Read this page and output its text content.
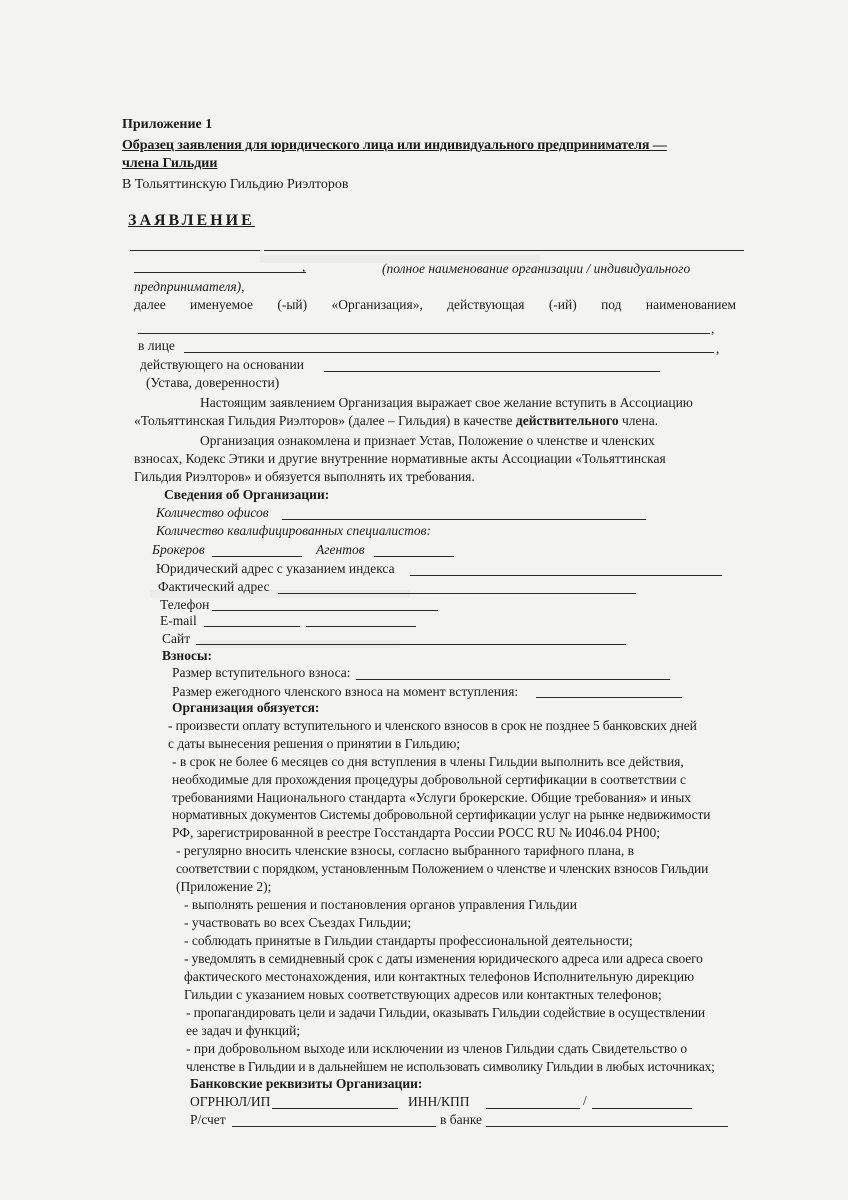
Приложение 1
Образец заявления для юридического лица или индивидуального предпринимателя —
члена Гильдии
В Тольяттинскую Гильдию Риэлторов
ЗАЯВЛЕНИЕ
,	(полное наименование организации / индивидуального
предпринимателя),
далее именуемое (-ый) «Организация», действующая (-ий) под наименованием
,
в лице	,
действующего на основании
(Устава, доверенности)
Настоящим заявлением Организация выражает свое желание вступить в Ассоциацию
«Тольяттинская Гильдия Риэлторов» (далее – Гильдия) в качестве действительного члена.
Организация ознакомлена и признает Устав, Положение о членстве и членских
взносах, Кодекс Этики и другие внутренние нормативные акты Ассоциации «Тольяттинская
Гильдия Риэлторов» и обязуется выполнять их требования.
Сведения об Организации:
Количество офисов
Количество квалифицированных специалистов:
Брокеров	Агентов
Юридический адрес с указанием индекса
Фактический адрес
Телефон
E-mail
Сайт
Взносы:
Размер вступительного взноса:
Размер ежегодного членского взноса на момент вступления:
Организация обязуется:
- произвести оплату вступительного и членского взносов в срок не позднее 5 банковских дней
с даты вынесения решения о принятии в Гильдию;
- в срок не более 6 месяцев со дня вступления в члены Гильдии выполнить все действия,
необходимые для прохождения процедуры добровольной сертификации в соответствии с
требованиями Национального стандарта «Услуги брокерские. Общие требования» и иных
нормативных документов Системы добровольной сертификации услуг на рынке недвижимости
РФ, зарегистрированной в реестре Госстандарта России РОСС RU № И046.04 РН00;
- регулярно вносить членские взносы, согласно выбранного тарифного плана, в
соответствии с порядком, установленным Положением о членстве и членских взносов Гильдии
(Приложение 2);
- выполнять решения и постановления органов управления Гильдии
- участвовать во всех Съездах Гильдии;
- соблюдать принятые в Гильдии стандарты профессиональной деятельности;
- уведомлять в семидневный срок с даты изменения юридического адреса или адреса своего
фактического местонахождения, или контактных телефонов Исполнительную дирекцию
Гильдии с указанием новых соответствующих адресов или контактных телефонов;
- пропагандировать цели и задачи Гильдии, оказывать Гильдии содействие в осуществлении
ее задач и функций;
- при добровольном выходе или исключении из членов Гильдии сдать Свидетельство о
членстве в Гильдии и в дальнейшем не использовать символику Гильдии в любых источниках;
Банковские реквизиты Организации:
ОГРНЮЛ/ИП	ИНН/КПП	/
Р/счет	в банке
